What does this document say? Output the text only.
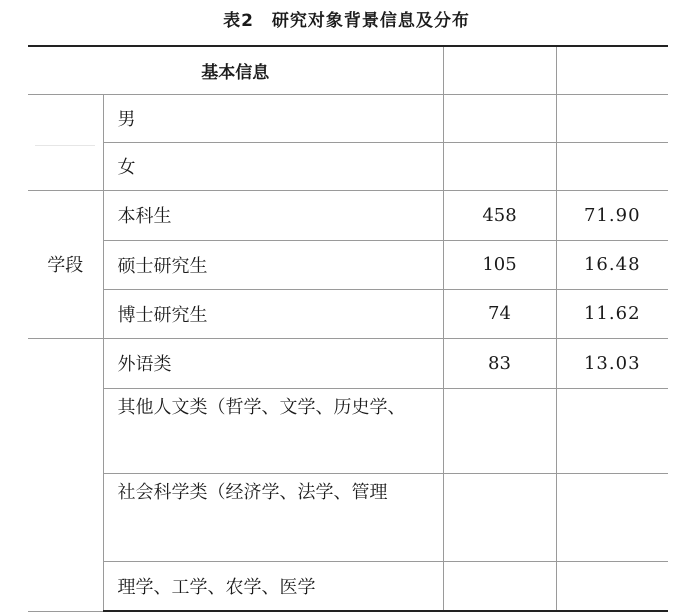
表2　研究对象背景信息及分布
基本信息			

	男		
	女		
学段	本科生	458	71.90
	硕士研究生	105	16.48
	博士研究生	74	11.62
	外语类	83	13.03
	其他人文类（哲学、文学、历史学、		
	社会科学类（经济学、法学、管理		
	理学、工学、农学、医学		
